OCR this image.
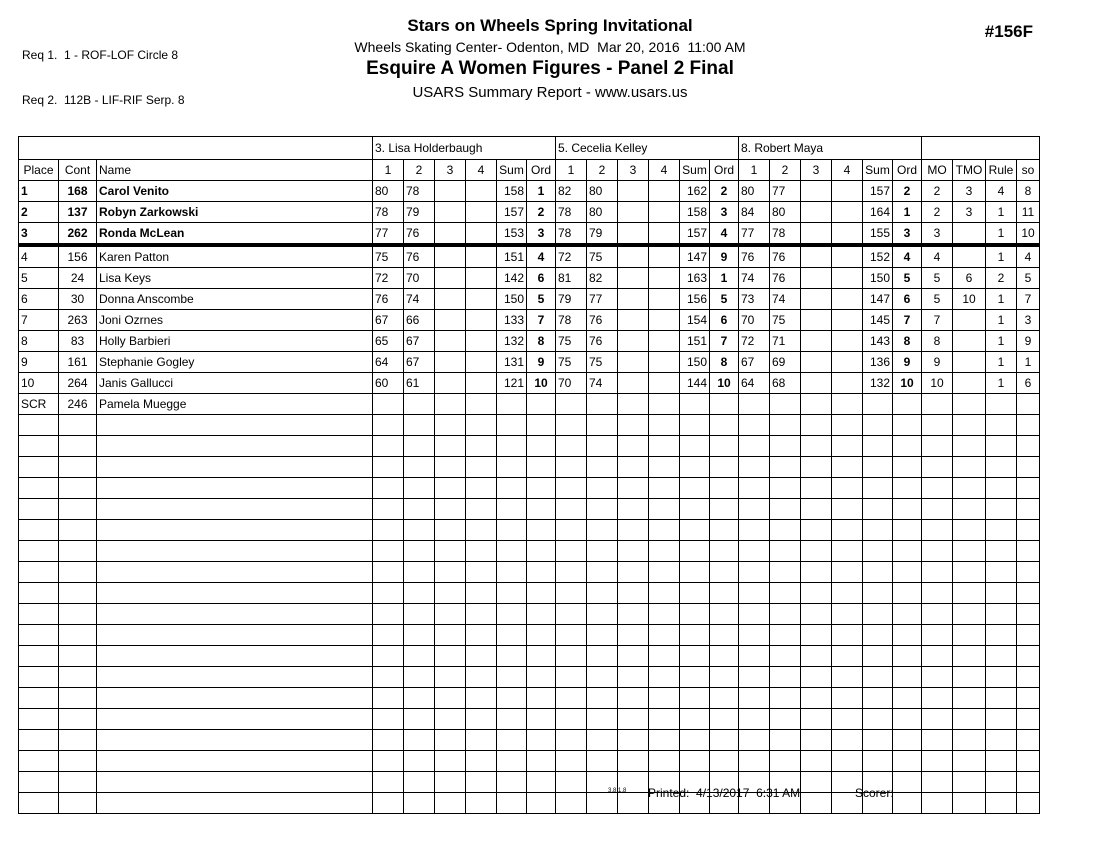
Req 1.  1 - ROF-LOF Circle 8

Req 2.  112B - LIF-RIF Serp. 8

#156F
Stars on Wheels Spring Invitational
Wheels Skating Center- Odenton, MD  Mar 20, 2016  11:00 AM
Esquire A Women Figures - Panel 2 Final
USARS Summary Report - www.usars.us
			3. Lisa Holderbaugh						5. Cecelia Kelley						8. Robert Maya									
Place	Cont	Name	1	2	3	4	Sum	Ord	1	2	3	4	Sum	Ord	1	2	3	4	Sum	Ord	MO	TMO	Rule	so
1	168	Carol Venito	80	78			158	1	82	80			162	2	80	77			157	2	2	3	4	8
2	137	Robyn Zarkowski	78	79			157	2	78	80			158	3	84	80			164	1	2	3	1	11
3	262	Ronda McLean	77	76			153	3	78	79			157	4	77	78			155	3	3		1	10
4	156	Karen Patton	75	76			151	4	72	75			147	9	76	76			152	4	4		1	4
5	24	Lisa Keys	72	70			142	6	81	82			163	1	74	76			150	5	5	6	2	5
6	30	Donna Anscombe	76	74			150	5	79	77			156	5	73	74			147	6	5	10	1	7
7	263	Joni Ozrnes	67	66			133	7	78	76			154	6	70	75			145	7	7		1	3
8	83	Holly Barbieri	65	67			132	8	75	76			151	7	72	71			143	8	8		1	9
9	161	Stephanie Gogley	64	67			131	9	75	75			150	8	67	69			136	9	9		1	1
10	264	Janis Gallucci	60	61			121	10	70	74			144	10	64	68			132	10	10		1	6
SCR	246	Pamela Muegge																						

3.8.1.8 Printed:  4/13/2017  6:31 AM	Scorer:
